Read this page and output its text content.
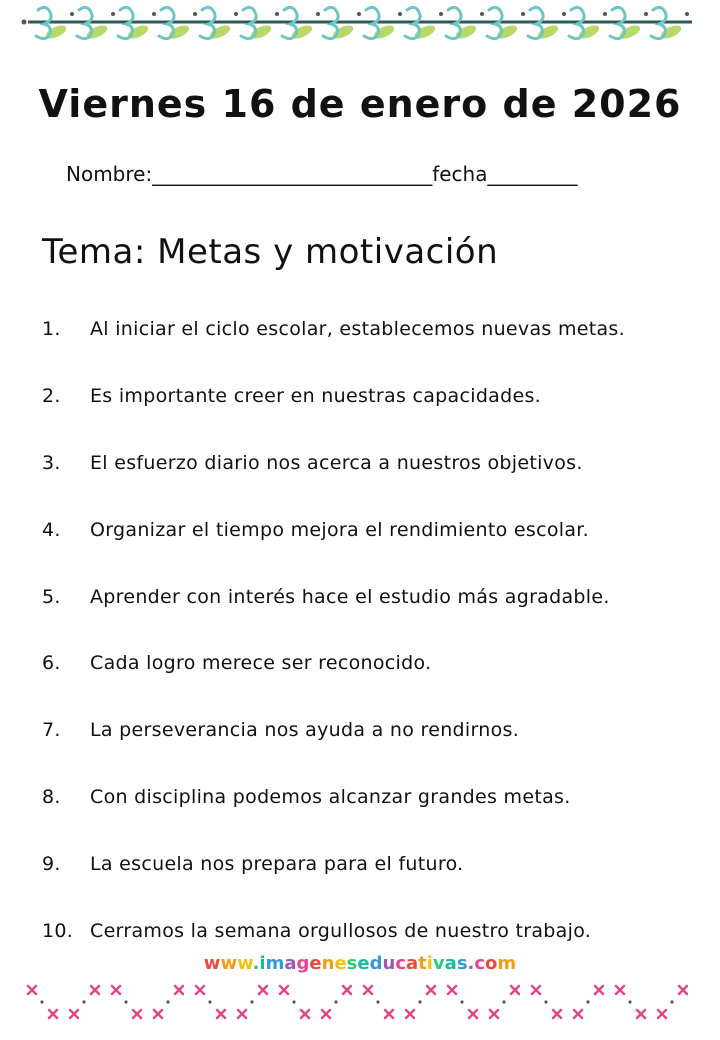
Viernes 16 de enero de 2026
Nombre:____________________________fecha_________
Tema: Metas y motivación
1. Al iniciar el ciclo escolar, establecemos nuevas metas.
2. Es importante creer en nuestras capacidades.
3. El esfuerzo diario nos acerca a nuestros objetivos.
4. Organizar el tiempo mejora el rendimiento escolar.
5. Aprender con interés hace el estudio más agradable.
6. Cada logro merece ser reconocido.
7. La perseverancia nos ayuda a no rendirnos.
8. Con disciplina podemos alcanzar grandes metas.
9. La escuela nos prepara para el futuro.
10. Cerramos la semana orgullosos de nuestro trabajo.
www.imageneseducativas.com
